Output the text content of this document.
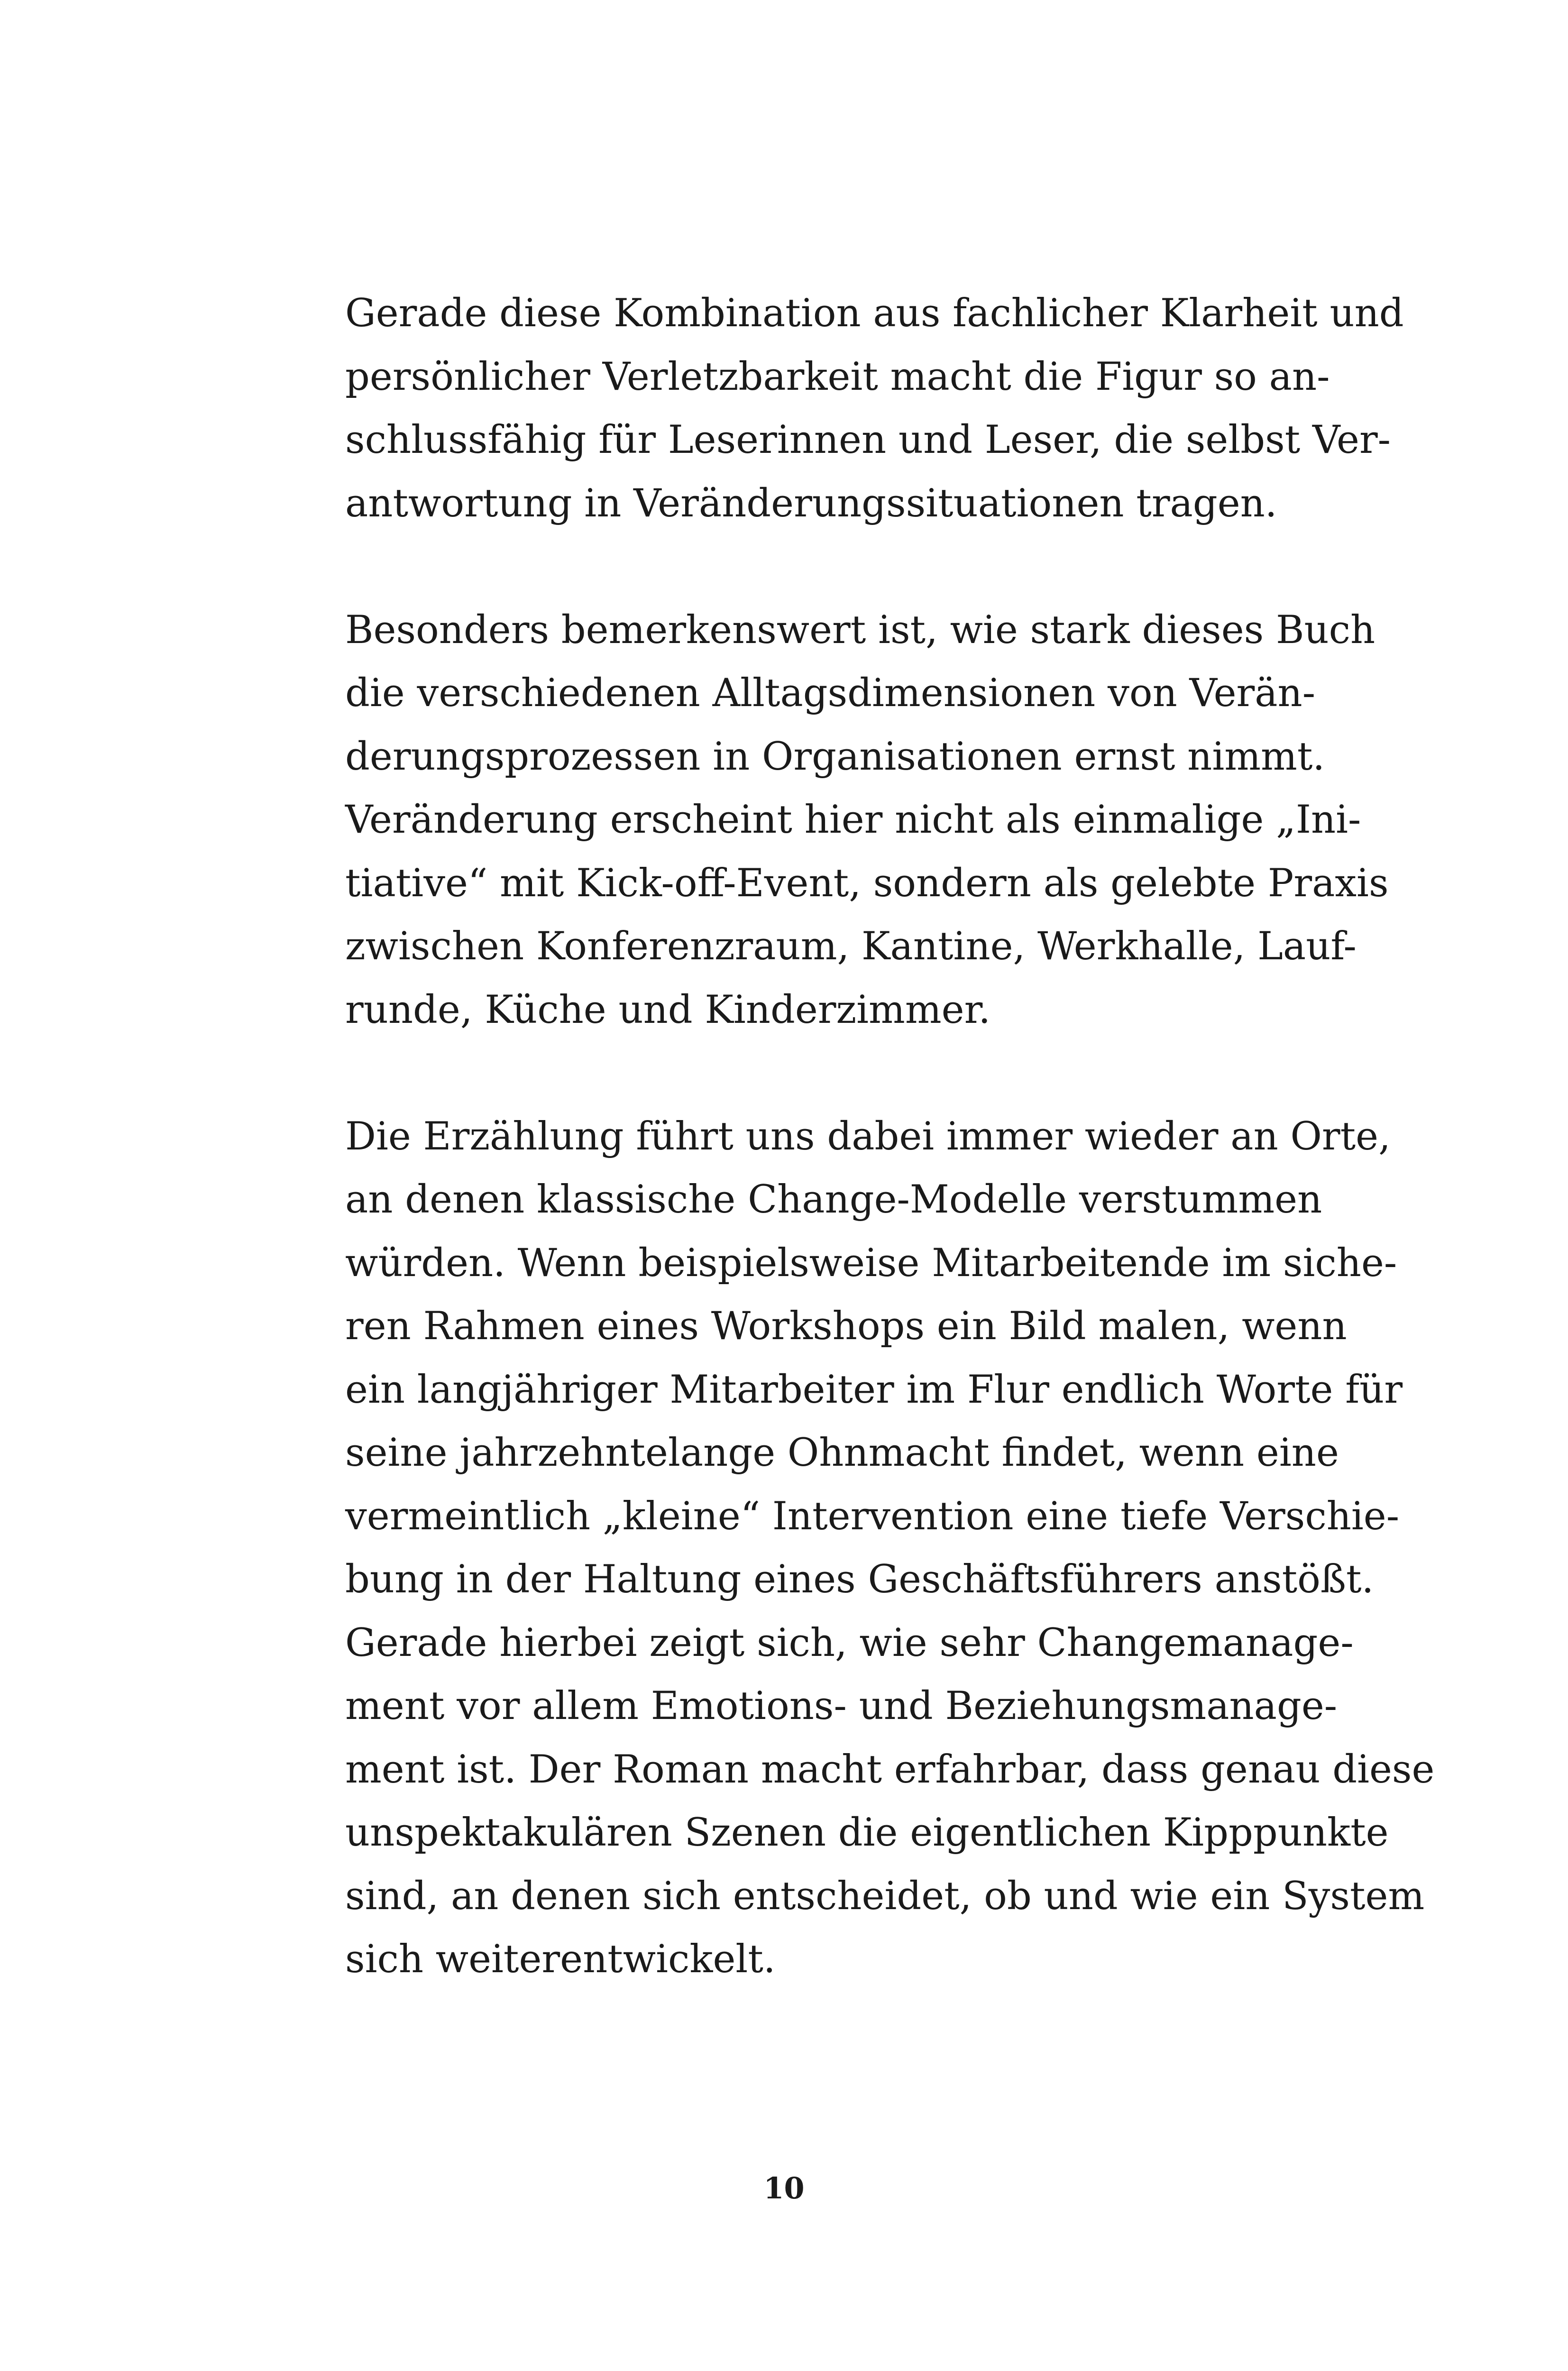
Gerade diese Kombination aus fachlicher Klarheit und
persönlicher Verletzbarkeit macht die Figur so an-
schlussfähig für Leserinnen und Leser, die selbst Ver-
antwortung in Veränderungssituationen tragen.
Besonders bemerkenswert ist, wie stark dieses Buch
die verschiedenen Alltagsdimensionen von Verän-
derungsprozessen in Organisationen ernst nimmt.
Veränderung erscheint hier nicht als einmalige „Ini-
tiative“ mit Kick-off-Event, sondern als gelebte Praxis
zwischen Konferenzraum, Kantine, Werkhalle, Lauf-
runde, Küche und Kinderzimmer.
Die Erzählung führt uns dabei immer wieder an Orte,
an denen klassische Change-Modelle verstummen
würden. Wenn beispielsweise Mitarbeitende im siche-
ren Rahmen eines Workshops ein Bild malen, wenn
ein langjähriger Mitarbeiter im Flur endlich Worte für
seine jahrzehntelange Ohnmacht findet, wenn eine
vermeintlich „kleine“ Intervention eine tiefe Verschie-
bung in der Haltung eines Geschäftsführers anstößt.
Gerade hierbei zeigt sich, wie sehr Changemanage-
ment vor allem Emotions- und Beziehungsmanage-
ment ist. Der Roman macht erfahrbar, dass genau diese
unspektakulären Szenen die eigentlichen Kipppunkte
sind, an denen sich entscheidet, ob und wie ein System
sich weiterentwickelt.
10
